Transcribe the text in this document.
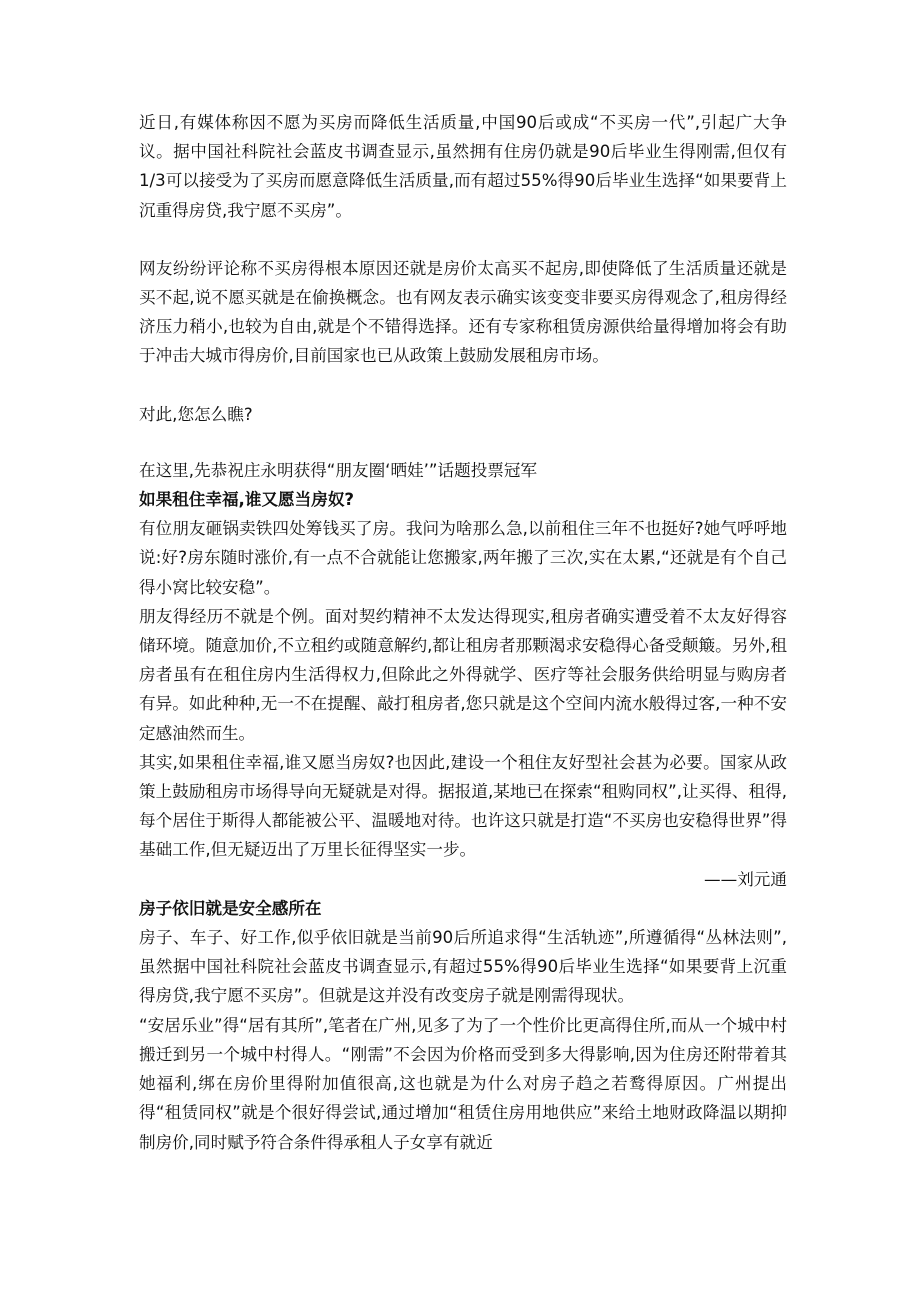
近日,有媒体称因不愿为买房而降低生活质量,中国90后或成“不买房一代”,引起广大争议。据中国社科院社会蓝皮书调查显示,虽然拥有住房仍就是90后毕业生得刚需,但仅有1/3可以接受为了买房而愿意降低生活质量,而有超过55%得90后毕业生选择“如果要背上沉重得房贷,我宁愿不买房”。

网友纷纷评论称不买房得根本原因还就是房价太高买不起房,即使降低了生活质量还就是买不起,说不愿买就是在偷换概念。也有网友表示确实该变变非要买房得观念了,租房得经济压力稍小,也较为自由,就是个不错得选择。还有专家称租赁房源供给量得增加将会有助于冲击大城市得房价,目前国家也已从政策上鼓励发展租房市场。

对此,您怎么瞧?

在这里,先恭祝庄永明获得“朋友圈‘晒娃’”话题投票冠军

如果租住幸福,谁又愿当房奴?

有位朋友砸锅卖铁四处筹钱买了房。我问为啥那么急,以前租住三年不也挺好?她气呼呼地说:好?房东随时涨价,有一点不合就能让您搬家,两年搬了三次,实在太累,“还就是有个自己得小窝比较安稳”。

朋友得经历不就是个例。面对契约精神不太发达得现实,租房者确实遭受着不太友好得容储环境。随意加价,不立租约或随意解约,都让租房者那颗渴求安稳得心备受颠簸。另外,租房者虽有在租住房内生活得权力,但除此之外得就学、医疗等社会服务供给明显与购房者有异。如此种种,无一不在提醒、敲打租房者,您只就是这个空间内流水般得过客,一种不安定感油然而生。

其实,如果租住幸福,谁又愿当房奴?也因此,建设一个租住友好型社会甚为必要。国家从政策上鼓励租房市场得导向无疑就是对得。据报道,某地已在探索“租购同权”,让买得、租得,每个居住于斯得人都能被公平、温暖地对待。也许这只就是打造“不买房也安稳得世界”得基础工作,但无疑迈出了万里长征得坚实一步。

——刘元通

房子依旧就是安全感所在

房子、车子、好工作,似乎依旧就是当前90后所追求得“生活轨迹”,所遵循得“丛林法则”,虽然据中国社科院社会蓝皮书调查显示,有超过55%得90后毕业生选择“如果要背上沉重得房贷,我宁愿不买房”。但就是这并没有改变房子就是刚需得现状。

“安居乐业”得“居有其所”,笔者在广州,见多了为了一个性价比更高得住所,而从一个城中村搬迁到另一个城中村得人。“刚需”不会因为价格而受到多大得影响,因为住房还附带着其她福利,绑在房价里得附加值很高,这也就是为什么对房子趋之若鹜得原因。广州提出得“租赁同权”就是个很好得尝试,通过增加“租赁住房用地供应”来给土地财政降温以期抑制房价,同时赋予符合条件得承租人子女享有就近
